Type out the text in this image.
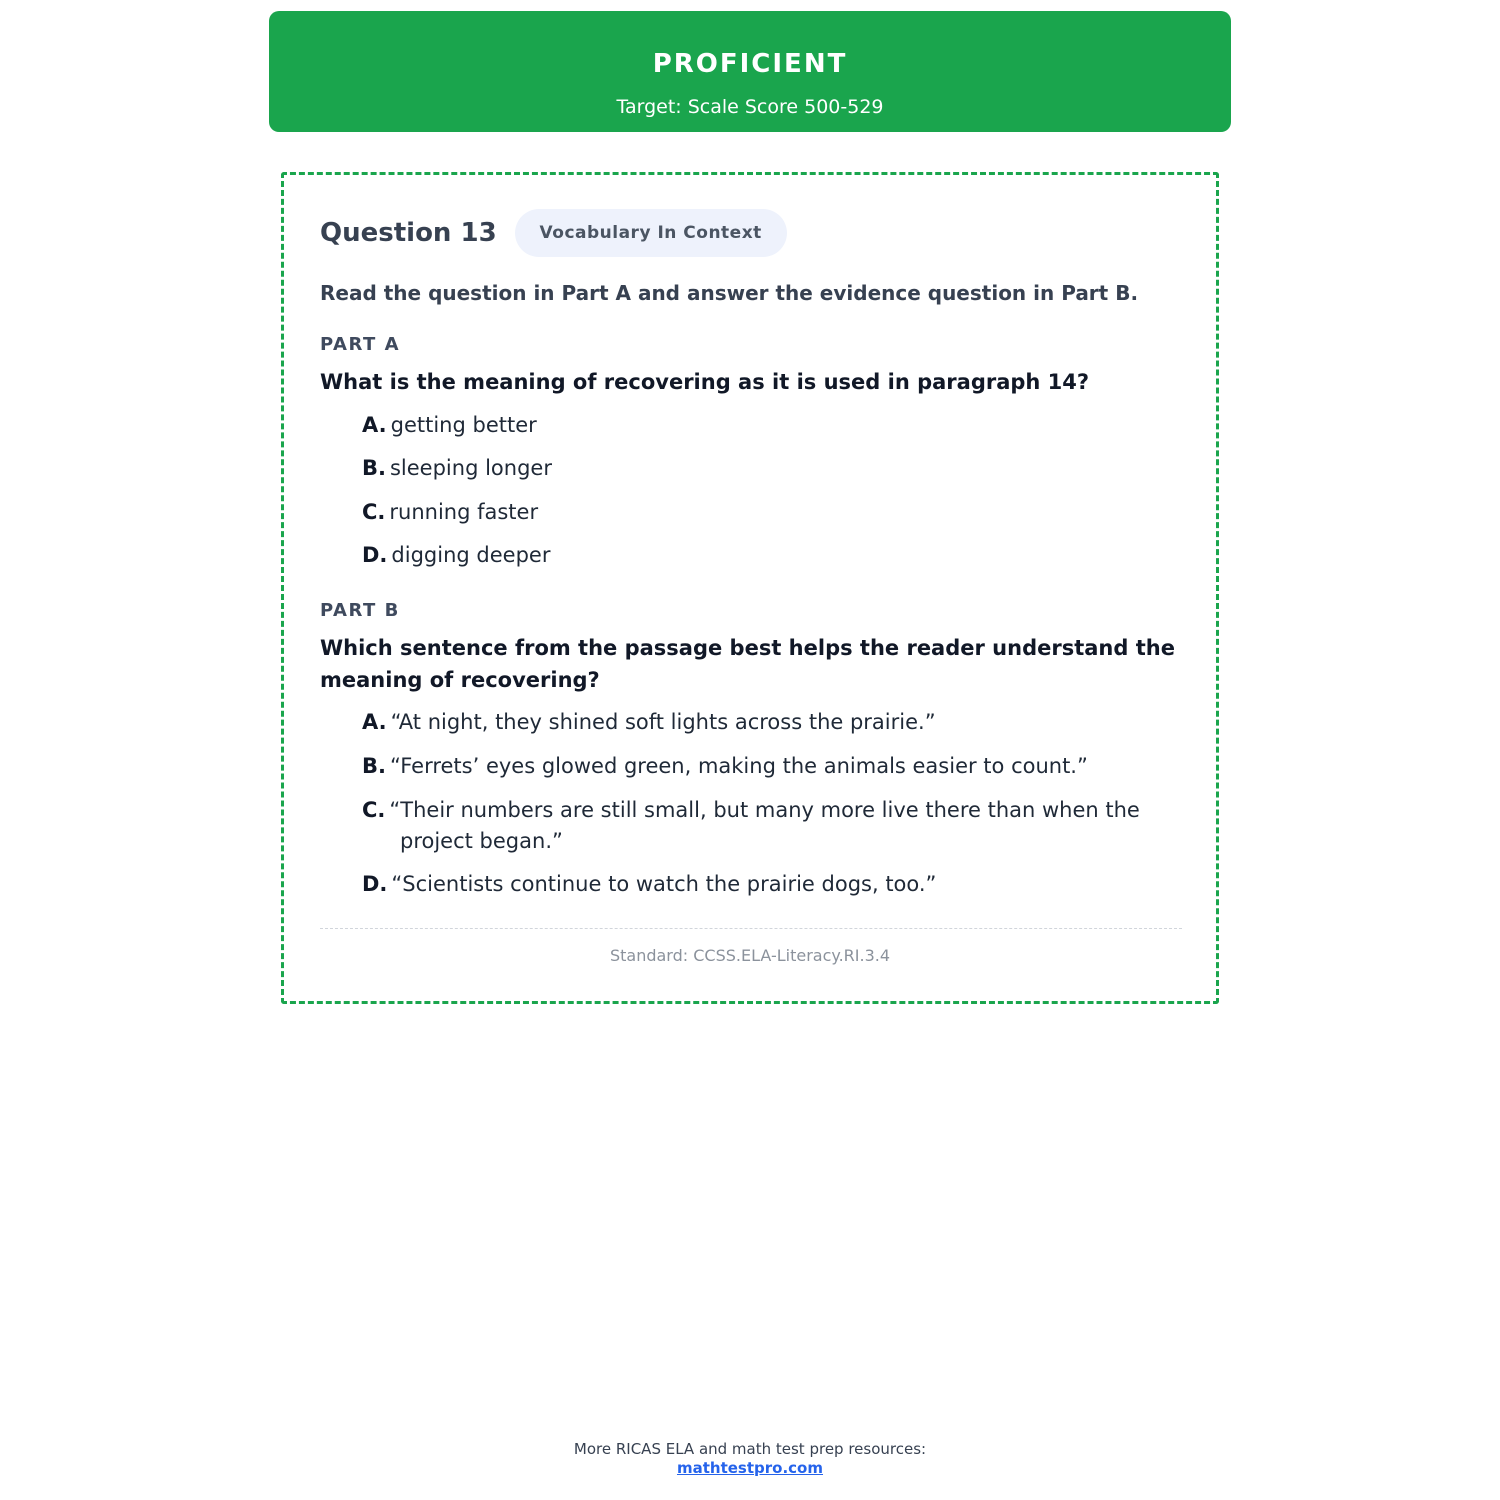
PROFICIENT
Target: Scale Score 500-529
Question 13	Vocabulary In Context
Read the question in Part A and answer the evidence question in Part B.
PART A
What is the meaning of recovering as it is used in paragraph 14?
A. getting better
B. sleeping longer
C. running faster
D. digging deeper
PART B
Which sentence from the passage best helps the reader understand the meaning of recovering?
A. “At night, they shined soft lights across the prairie.”
B. “Ferrets’ eyes glowed green, making the animals easier to count.”
C. “Their numbers are still small, but many more live there than when the project began.”
D. “Scientists continue to watch the prairie dogs, too.”
Standard: CCSS.ELA-Literacy.RI.3.4
More RICAS ELA and math test prep resources:
mathtestpro.com
